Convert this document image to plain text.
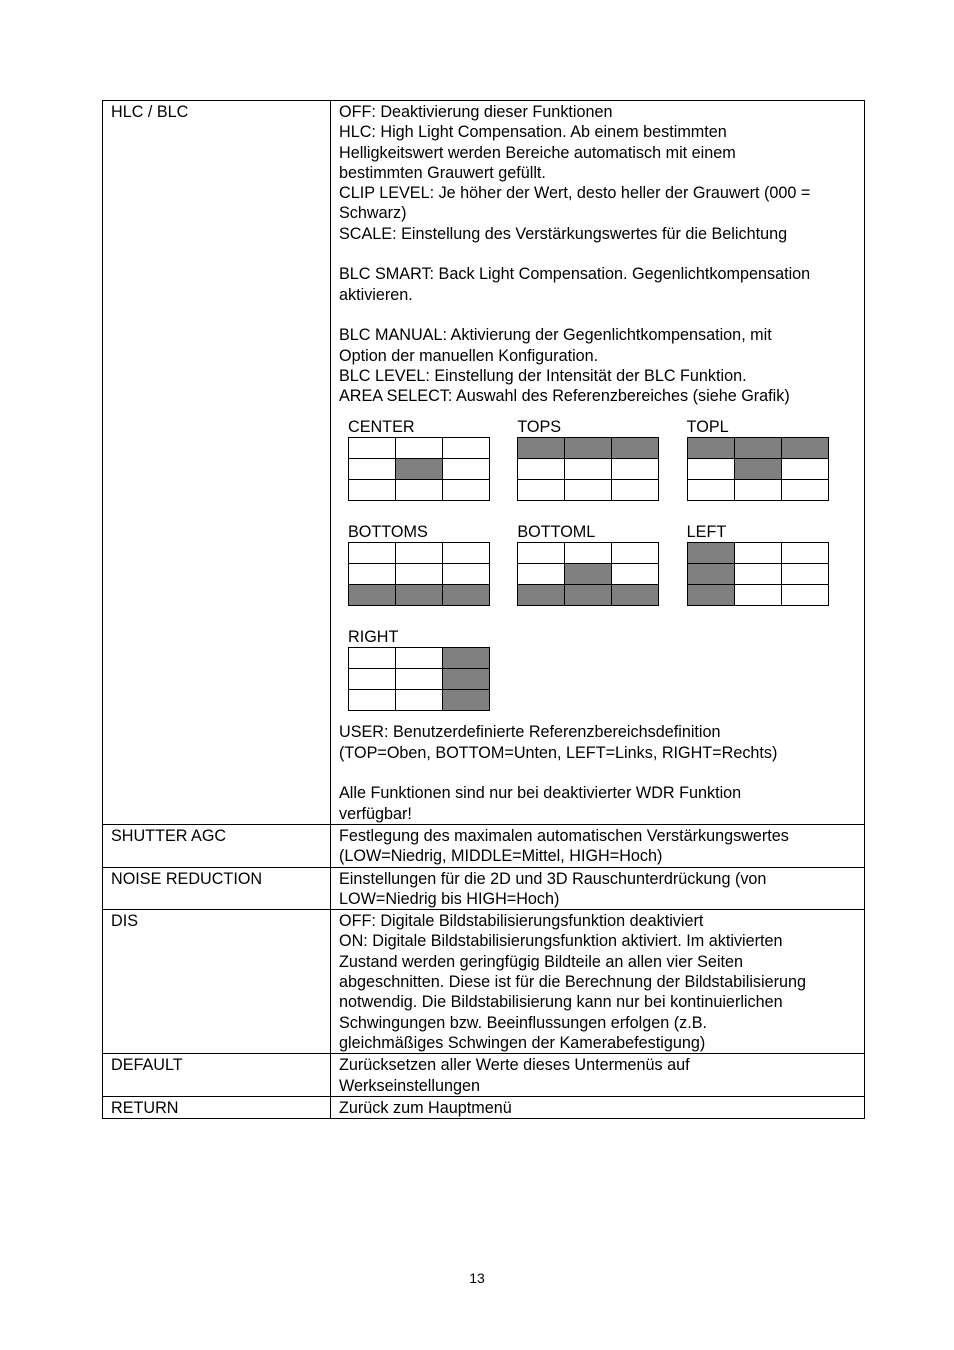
HLC / BLC	OFF: Deaktivierung dieser Funktionen
HLC: High Light Compensation. Ab einem bestimmten
Helligkeitswert werden Bereiche automatisch mit einem
bestimmten Grauwert gefüllt.
CLIP LEVEL: Je höher der Wert, desto heller der Grauwert (000 =
Schwarz)
SCALE: Einstellung des Verstärkungswertes für die Belichtung
BLC SMART: Back Light Compensation. Gegenlichtkompensation
aktivieren.
BLC MANUAL: Aktivierung der Gegenlichtkompensation, mit
Option der manuellen Konfiguration.
BLC LEVEL: Einstellung der Intensität der BLC Funktion.
AREA SELECT: Auswahl des Referenzbereiches (siehe Grafik)
CENTER

			TOPS

			TOPL

BOTTOMS

			BOTTOML

			LEFT

RIGHT

USER: Benutzerdefinierte Referenzbereichsdefinition
(TOP=Oben, BOTTOM=Unten, LEFT=Links, RIGHT=Rechts)
Alle Funktionen sind nur bei deaktivierter WDR Funktion
verfügbar!

SHUTTER AGC	Festlegung des maximalen automatischen Verstärkungswertes
(LOW=Niedrig, MIDDLE=Mittel, HIGH=Hoch)

NOISE REDUCTION	Einstellungen für die 2D und 3D Rauschunterdrückung (von
LOW=Niedrig bis HIGH=Hoch)

DIS	OFF: Digitale Bildstabilisierungsfunktion deaktiviert
ON: Digitale Bildstabilisierungsfunktion aktiviert. Im aktivierten
Zustand werden geringfügig Bildteile an allen vier Seiten
abgeschnitten. Diese ist für die Berechnung der Bildstabilisierung
notwendig. Die Bildstabilisierung kann nur bei kontinuierlichen
Schwingungen bzw. Beeinflussungen erfolgen (z.B.
gleichmäßiges Schwingen der Kamerabefestigung)

DEFAULT	Zurücksetzen aller Werte dieses Untermenüs auf
Werkseinstellungen

RETURN	Zurück zum Hauptmenü
13
